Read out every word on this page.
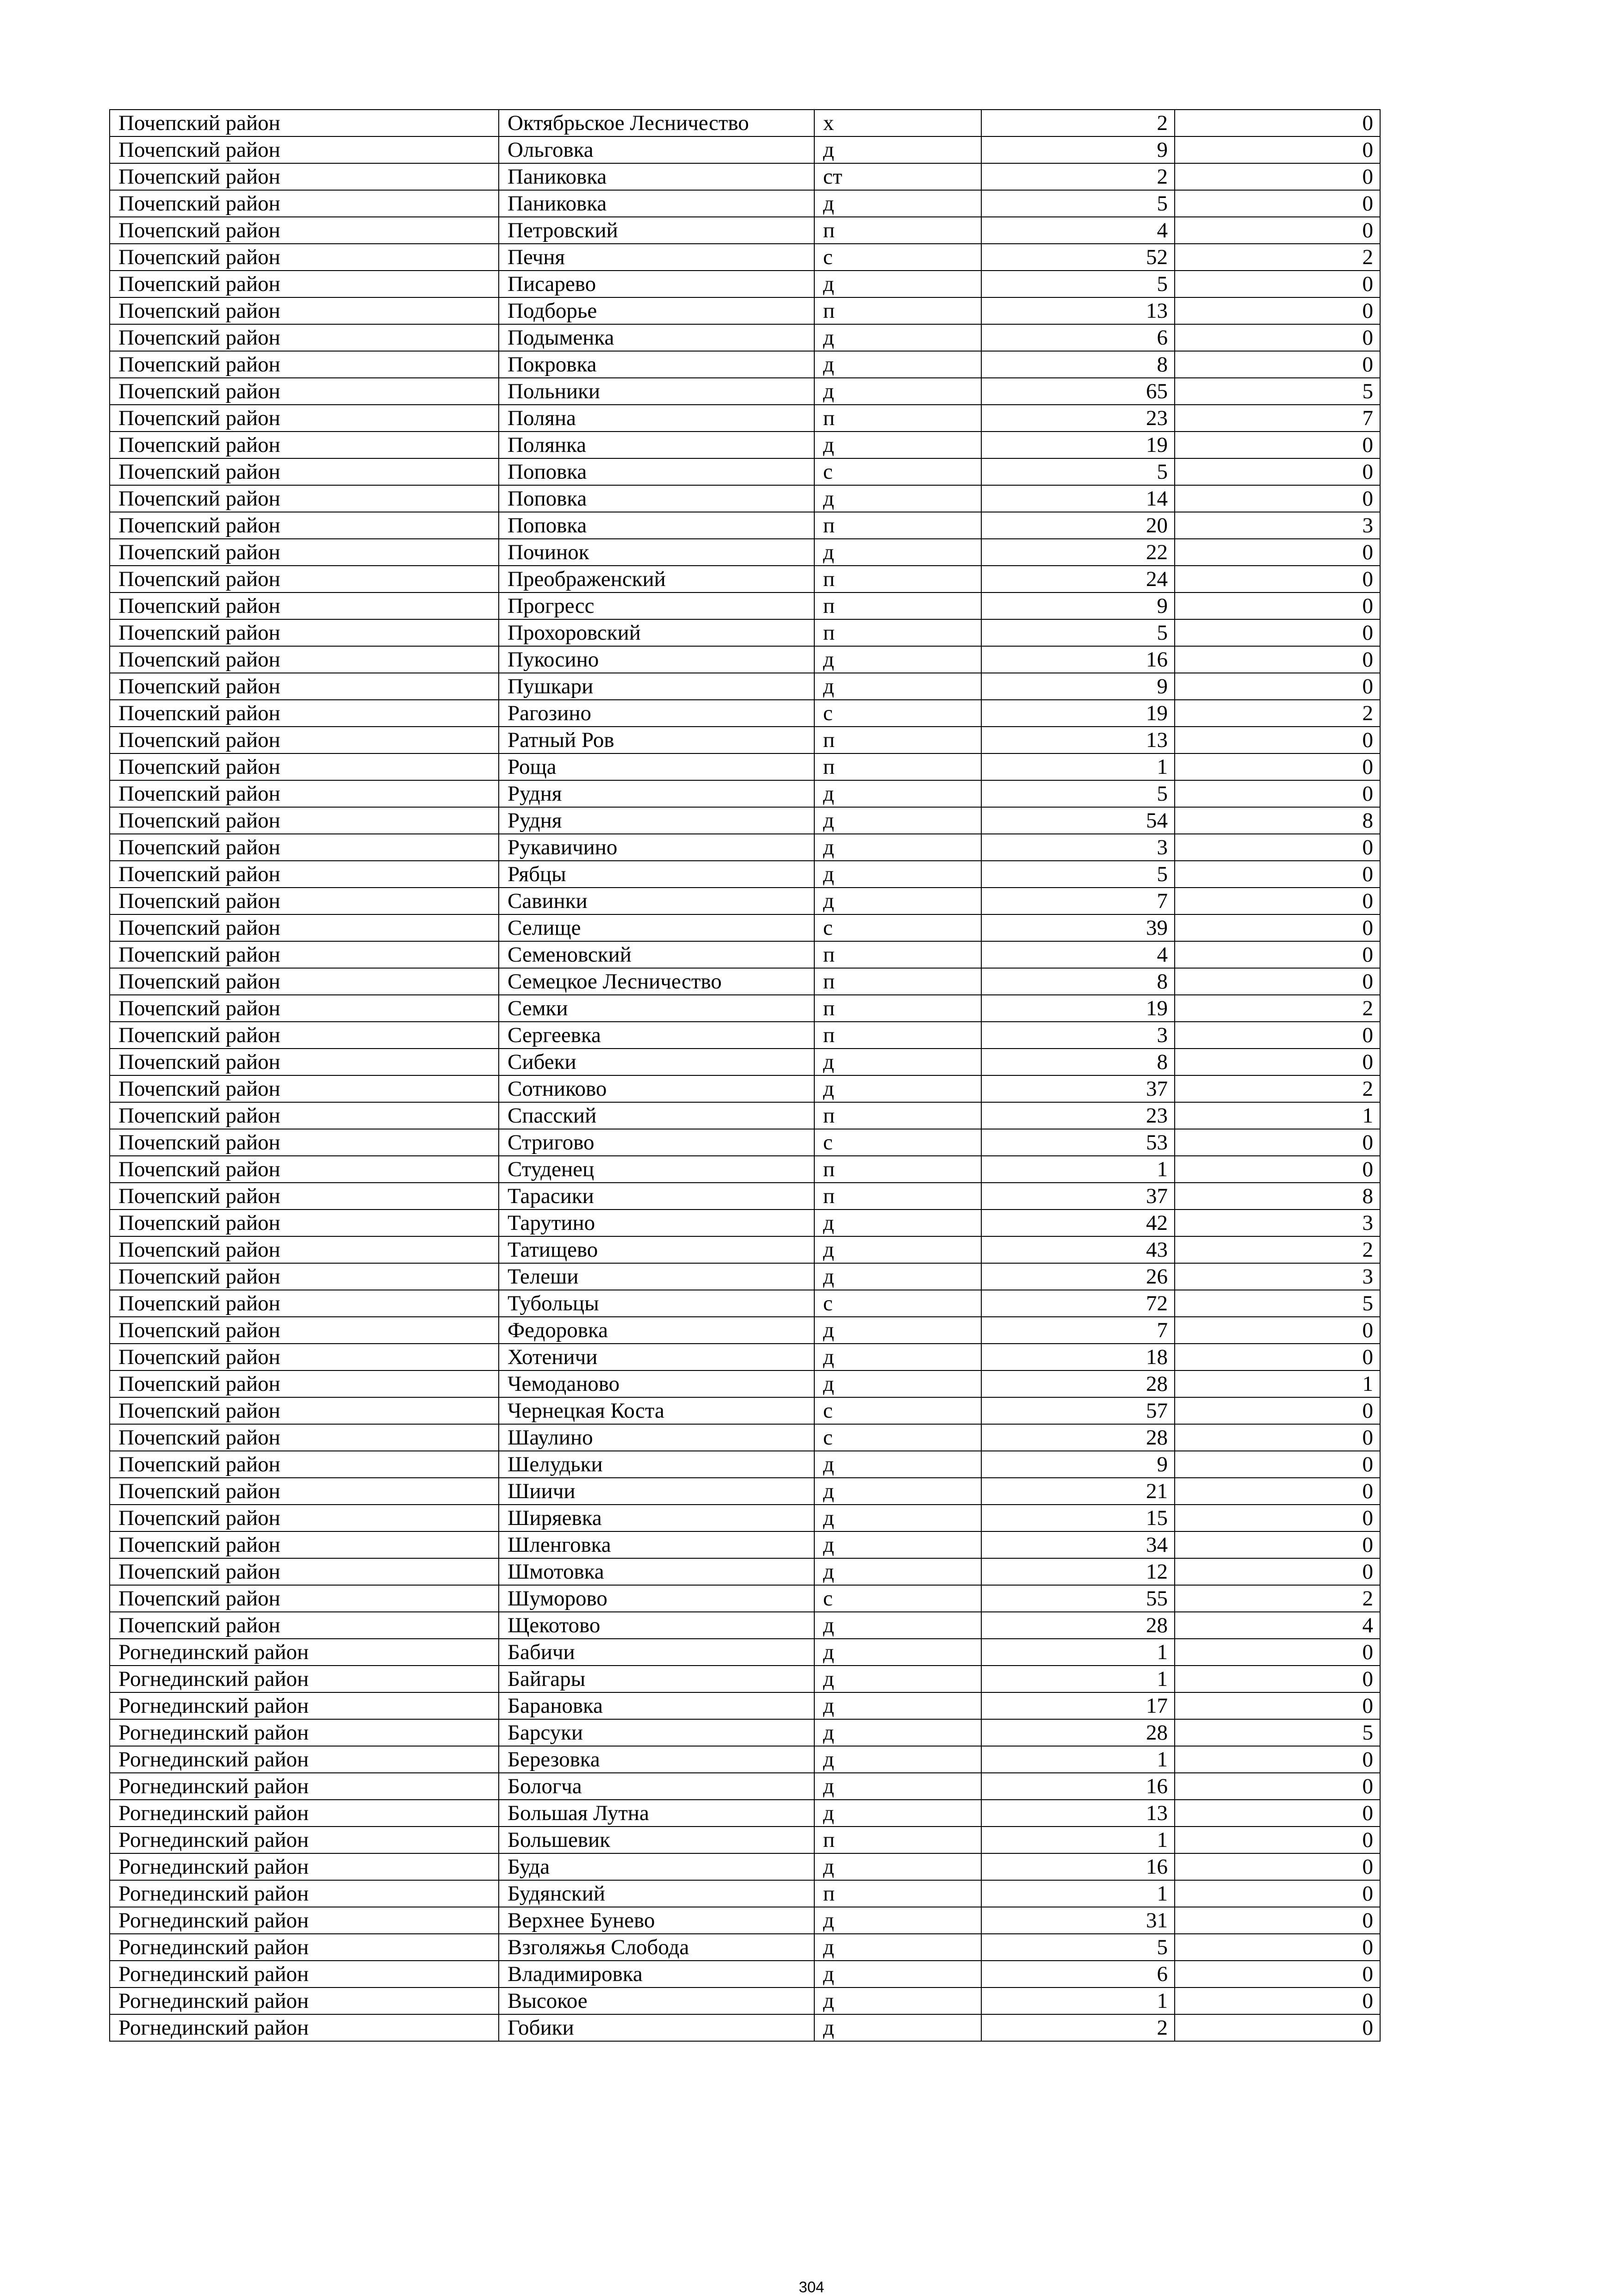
Почепский район	Октябрьское Лесничество	х	2	0
Почепский район	Ольговка	д	9	0
Почепский район	Паниковка	ст	2	0
Почепский район	Паниковка	д	5	0
Почепский район	Петровский	п	4	0
Почепский район	Печня	с	52	2
Почепский район	Писарево	д	5	0
Почепский район	Подборье	п	13	0
Почепский район	Подыменка	д	6	0
Почепский район	Покровка	д	8	0
Почепский район	Польники	д	65	5
Почепский район	Поляна	п	23	7
Почепский район	Полянка	д	19	0
Почепский район	Поповка	с	5	0
Почепский район	Поповка	д	14	0
Почепский район	Поповка	п	20	3
Почепский район	Починок	д	22	0
Почепский район	Преображенский	п	24	0
Почепский район	Прогресс	п	9	0
Почепский район	Прохоровский	п	5	0
Почепский район	Пукосино	д	16	0
Почепский район	Пушкари	д	9	0
Почепский район	Рагозино	с	19	2
Почепский район	Ратный Ров	п	13	0
Почепский район	Роща	п	1	0
Почепский район	Рудня	д	5	0
Почепский район	Рудня	д	54	8
Почепский район	Рукавичино	д	3	0
Почепский район	Рябцы	д	5	0
Почепский район	Савинки	д	7	0
Почепский район	Селище	с	39	0
Почепский район	Семеновский	п	4	0
Почепский район	Семецкое Лесничество	п	8	0
Почепский район	Семки	п	19	2
Почепский район	Сергеевка	п	3	0
Почепский район	Сибеки	д	8	0
Почепский район	Сотниково	д	37	2
Почепский район	Спасский	п	23	1
Почепский район	Стригово	с	53	0
Почепский район	Студенец	п	1	0
Почепский район	Тарасики	п	37	8
Почепский район	Тарутино	д	42	3
Почепский район	Татищево	д	43	2
Почепский район	Телеши	д	26	3
Почепский район	Тубольцы	с	72	5
Почепский район	Федоровка	д	7	0
Почепский район	Хотеничи	д	18	0
Почепский район	Чемоданово	д	28	1
Почепский район	Чернецкая Коста	с	57	0
Почепский район	Шаулино	с	28	0
Почепский район	Шелудьки	д	9	0
Почепский район	Шиичи	д	21	0
Почепский район	Ширяевка	д	15	0
Почепский район	Шленговка	д	34	0
Почепский район	Шмотовка	д	12	0
Почепский район	Шуморово	с	55	2
Почепский район	Щекотово	д	28	4
Рогнединский район	Бабичи	д	1	0
Рогнединский район	Байгары	д	1	0
Рогнединский район	Барановка	д	17	0
Рогнединский район	Барсуки	д	28	5
Рогнединский район	Березовка	д	1	0
Рогнединский район	Бологча	д	16	0
Рогнединский район	Большая Лутна	д	13	0
Рогнединский район	Большевик	п	1	0
Рогнединский район	Буда	д	16	0
Рогнединский район	Будянский	п	1	0
Рогнединский район	Верхнее Бунево	д	31	0
Рогнединский район	Взголяжья Слобода	д	5	0
Рогнединский район	Владимировка	д	6	0
Рогнединский район	Высокое	д	1	0
Рогнединский район	Гобики	д	2	0
304
